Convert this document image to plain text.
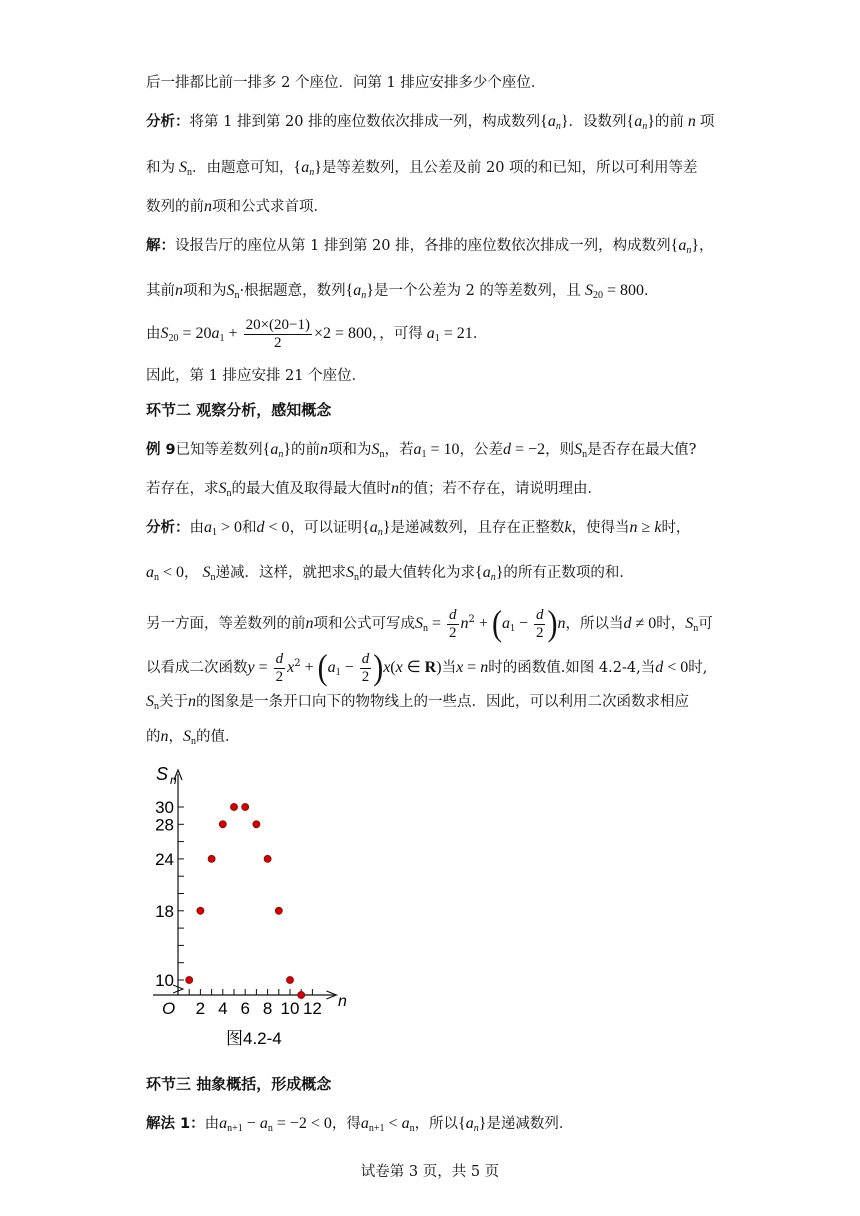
后一排都比前一排多 2 个座位．问第 1 排应安排多少个座位．
分析：将第 1 排到第 20 排的座位数依次排成一列，构成数列$\{a_n\}$．设数列$\{a_n\}$的前 n 项
和为 $S_n$．由题意可知，$\{a_n\}$是等差数列，且公差及前 20 项的和已知，所以可利用等差
数列的前n项和公式求首项．
解：设报告厅的座位从第 1 排到第 20 排，各排的座位数依次排成一列，构成数列$\{a_n\}$，
其前n项和为$S_n\cdot$根据题意，数列$\{a_n\}$是一个公差为 2 的等差数列，且 $S_{20} = 800$．
由$S_{20} = 20a_1 + \frac{20\times(20-1)}{2} \times 2 = 800$，，可得 $a_1 = 21$．
因此，第 1 排应安排 21 个座位．
环节二 观察分析，感知概念
例 9已知等差数列$\{a_n\}$的前n项和为$S_n$，若$a_1 = 10$，公差d = −2，则$S_n$是否存在最大值?
若存在，求$S_n$的最大值及取得最大值时n的值；若不存在，请说明理由．
分析：由$a_1 > 0$和d < 0，可以证明$\{a_n\}$是递减数列，且存在正整数k，使得当n ≥ k时，
$a_n < 0$， $S_n$递减．这样，就把求$S_n$的最大值转化为求$\{a_n\}$的所有正数项的和．
另一方面，等差数列的前n项和公式可写成$S_n = \frac{d}{2} n^2 + (a_1 - \frac{d}{2} )n$，所以当d ≠ 0时，$S_n$可
以看成二次函数$y = \frac{d}{2} x^2 + (a_1 - \frac{d}{2} )x(x$ ∈ R)当x = n时的函数值.如图 4.2-4,当d < 0时,
$S_n$关于n的图象是一条开口向下的物物线上的一些点．因此，可以利用二次函数求相应
的n，$S_n$的值．
10
18
24
28
30
2 4 6 8 10 12
S n
n
O
图4.2-4
环节三 抽象概括，形成概念
解法 1：由$a_{n+1} - a_n = -2 < 0$，得$a_{n+1} < a_n$，所以$\{a_n\}$是递减数列．
试卷第 3 页，共 5 页
